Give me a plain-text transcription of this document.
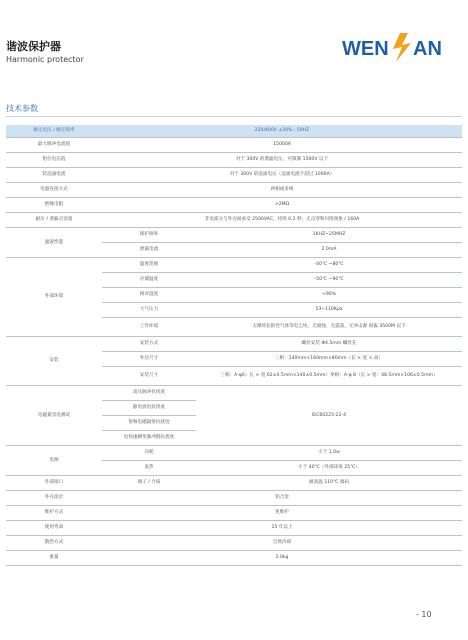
谐波保护器
Harmonic protector	WEN AN
技术参数
额定电压 / 额定频率	220/400V ±20% ; 50HZ	
最大脉冲电流值	15000A	
钳位电压值	对于 300V 的谐滤电压，可限制 1500V 以下	
防浪涌电流	对于 300V 的浪涌电压（浪涌电流不超过 1000A）	
电器连接方式	两相或多相	
绝缘电阻	>2MΩ	
耐压 / 泄漏点容量	非电部分与外壳间承受 2500VAC，持续 0.2 秒，无击穿和闪络现象 / 160A	
滤波性能	保护频率	1KHZ~25MHZ
	泄露电流	2.0mA
外部环境	温度范围	-40℃ ~80℃
	存储温度	-50℃ ~90℃
	相对湿度	<90%
	大气压力	53~110Kpa
	工作环境	无爆炸危险性气体等电尘埃，无腐蚀，无震荡，无冲击源 海拔 3500M 以下
安装	安装方式	螺丝安装 Φ4.5mm 螺丝孔
	外径尺寸	三相：140mm×160mm×80mm（长 × 宽 × 高）
	安装尺寸	三相：A-φ6）长 × 宽 62±0.5mm×140±0.5mm）单相：A-φ 8（长 × 宽：48.5mm×106±0.5mm）
电磁兼容电测试	高压脉冲抗扰度	IEC60225-22-4
	静电放电抗扰度	
	射频电磁辐射抗扰度	
	电快速瞬变脉冲群抗扰度	
电源	功耗	小于 1.0w
	发热	小于 40℃（外部环境 25℃）
外部接口	端子 / 介质	耐高温 110℃ 端码
外壳涂层	铝合金	
维护方式	免维护	
使用寿命	15 年以上	
散热方式	自然冷却	
重量	2.0kg	
- 10
